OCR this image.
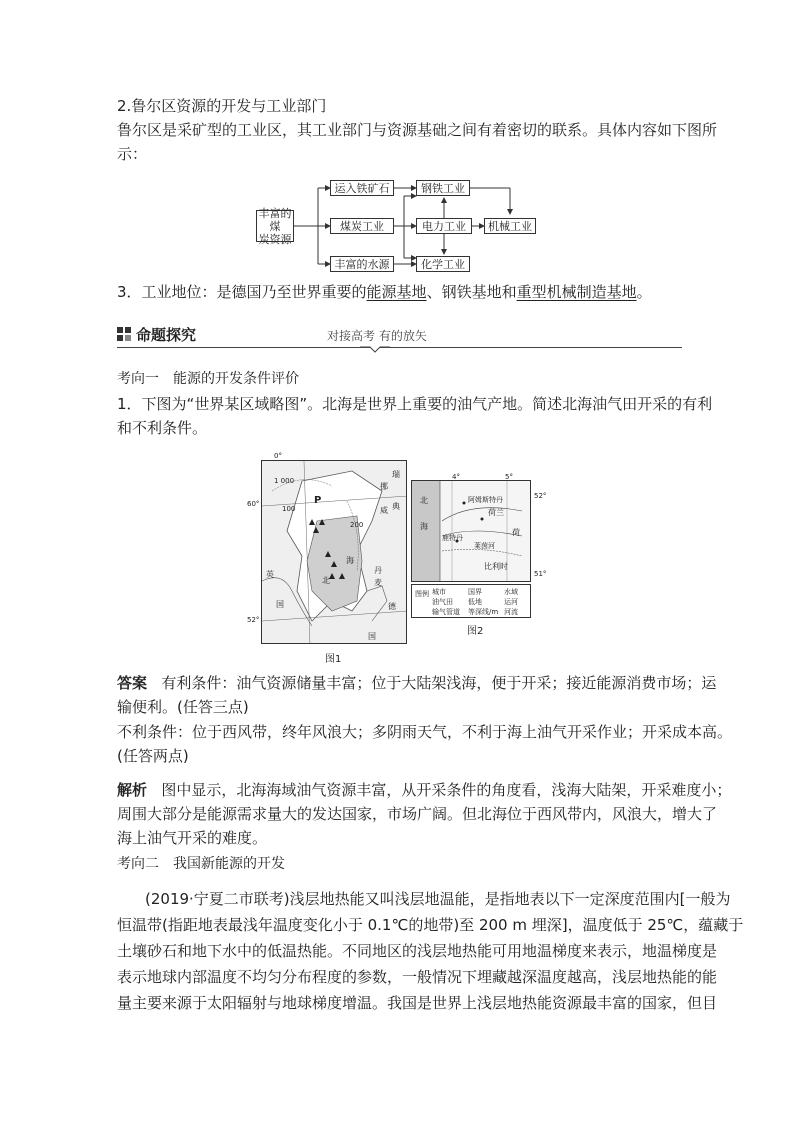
2.鲁尔区资源的开发与工业部门
鲁尔区是采矿型的工业区，其工业部门与资源基础之间有着密切的联系。具体内容如下图所
示：
丰富的煤
炭资源
运入铁矿石
煤炭工业
丰富的水源
钢铁工业
电力工业
化学工业
机械工业
3．工业地位：是德国乃至世界重要的能源基地、钢铁基地和重型机械制造基地。
命题探究	对接高考 有的放矢
考向一　能源的开发条件评价
1．下图为“世界某区域略图”。北海是世界上重要的油气产地。简述北海油气田开采的有利
和不利条件。
P
1 000
100
200
瑞
典
挪
威
海
北
英
国	德
丹
麦
国
0°
60°
52°
图1
北
海
阿姆斯特丹
鹿特丹
荷兰
荷
莱茵河
比利时
4°	5°
52°
51°
图例 城市
油气田
输气管道
国界
低地
等深线/m
水域
运河
河流
图2
答案 有利条件：油气资源储量丰富；位于大陆架浅海，便于开采；接近能源消费市场；运
输便利。(任答三点)
不利条件：位于西风带，终年风浪大；多阴雨天气，不利于海上油气开采作业；开采成本高。
(任答两点)
解析 图中显示，北海海域油气资源丰富，从开采条件的角度看，浅海大陆架，开采难度小；
周围大部分是能源需求量大的发达国家，市场广阔。但北海位于西风带内，风浪大，增大了
海上油气开采的难度。
考向二　我国新能源的开发
(2019·宁夏二市联考)浅层地热能又叫浅层地温能，是指地表以下一定深度范围内[一般为
恒温带(指距地表最浅年温度变化小于 0.1℃的地带)至 200 m 埋深]，温度低于 25℃，蕴藏于
土壤砂石和地下水中的低温热能。不同地区的浅层地热能可用地温梯度来表示，地温梯度是
表示地球内部温度不均匀分布程度的参数，一般情况下埋藏越深温度越高，浅层地热能的能
量主要来源于太阳辐射与地球梯度增温。我国是世界上浅层地热能资源最丰富的国家，但目
